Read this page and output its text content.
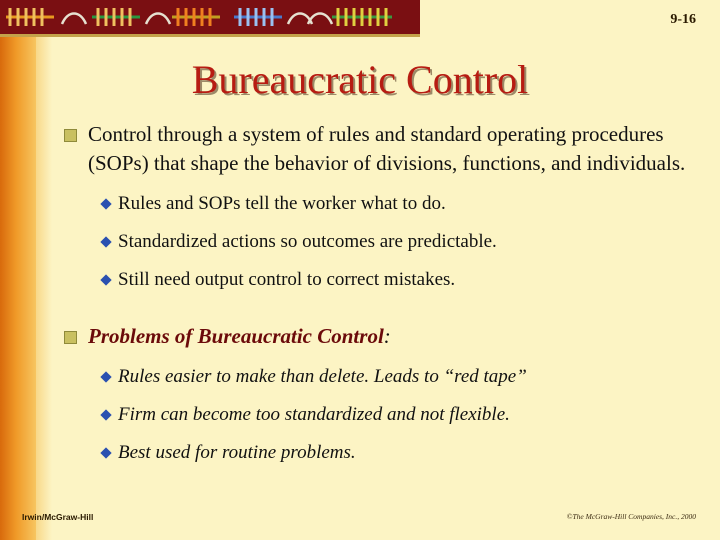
9-16
Bureaucratic Control
Control through a system of rules and standard operating procedures (SOPs) that shape the behavior of divisions, functions, and individuals.
Rules and SOPs tell the worker what to do.
Standardized actions so outcomes are predictable.
Still need output control to correct mistakes.
Problems of Bureaucratic Control:
Rules easier to make than delete. Leads to “red tape”
Firm can become too standardized and not flexible.
Best used for routine problems.
Irwin/McGraw-Hill	©The McGraw-Hill Companies, Inc., 2000
